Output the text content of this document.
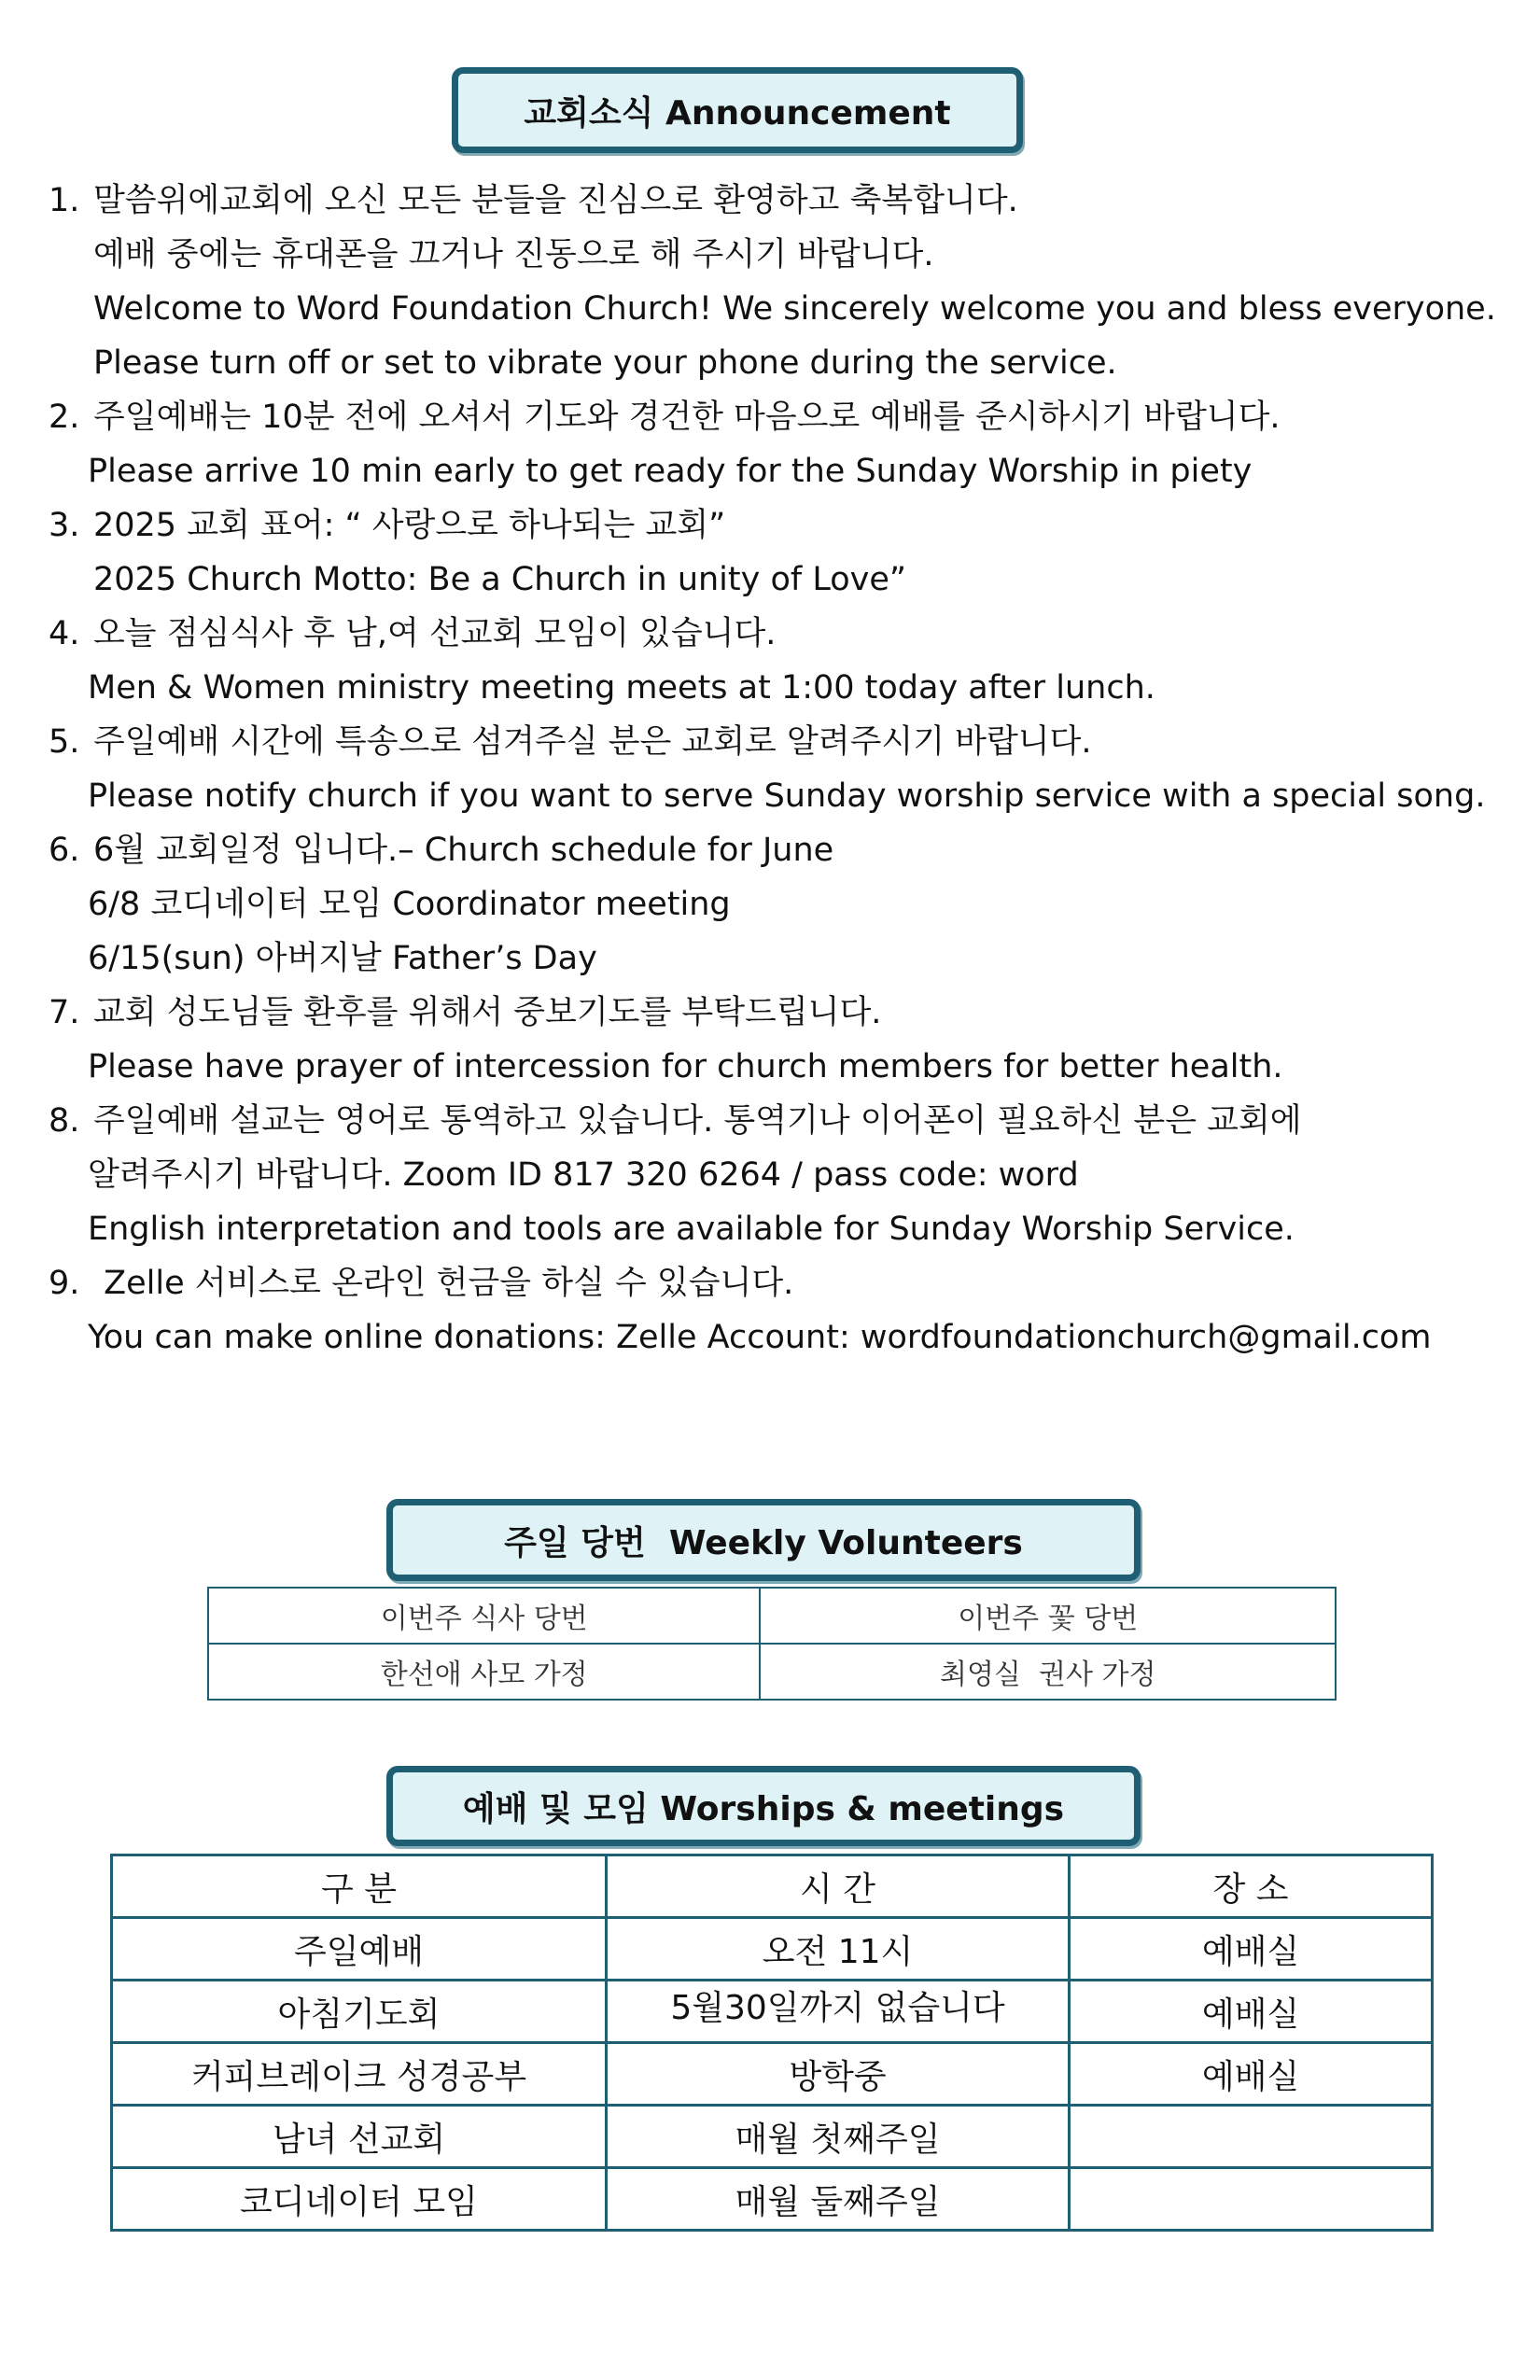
교회소식 Announcement
1. 말씀위에교회에 오신 모든 분들을 진심으로 환영하고 축복합니다.
예배 중에는 휴대폰을 끄거나 진동으로 해 주시기 바랍니다.
Welcome to Word Foundation Church! We sincerely welcome you and bless everyone.
Please turn off or set to vibrate your phone during the service.
2. 주일예배는 10분 전에 오셔서 기도와 경건한 마음으로 예배를 준시하시기 바랍니다.
Please arrive 10 min early to get ready for the Sunday Worship in piety
3. 2025 교회 표어: “ 사랑으로 하나되는 교회”
2025 Church Motto: Be a Church in unity of Love”
4. 오늘 점심식사 후 남,여 선교회 모임이 있습니다.
Men & Women ministry meeting meets at 1:00 today after lunch.
5. 주일예배 시간에 특송으로 섬겨주실 분은 교회로 알려주시기 바랍니다.
Please notify church if you want to serve Sunday worship service with a special song.
6. 6월 교회일정 입니다.– Church schedule for June
6/8 코디네이터 모임 Coordinator meeting
6/15(sun) 아버지날 Father’s Day
7. 교회 성도님들 환후를 위해서 중보기도를 부탁드립니다.
Please have prayer of intercession for church members for better health.
8. 주일예배 설교는 영어로 통역하고 있습니다. 통역기나 이어폰이 필요하신 분은 교회에
알려주시기 바랍니다. Zoom ID 817 320 6264 / pass code: word
English interpretation and tools are available for Sunday Worship Service.
9. Zelle 서비스로 온라인 헌금을 하실 수 있습니다.
You can make online donations: Zelle Account: wordfoundationchurch@gmail.com
주일 당번  Weekly Volunteers
이번주 식사 당번	이번주 꽃 당번
한선애 사모 가정	최영실  권사 가정
예배 및 모임 Worships & meetings
구 분	시 간	장 소
주일예배	오전 11시	예배실
아침기도회	5월30일까지 없습니다	예배실
커피브레이크 성경공부	방학중	예배실
남녀 선교회	매월 첫째주일	
코디네이터 모임	매월 둘째주일	
